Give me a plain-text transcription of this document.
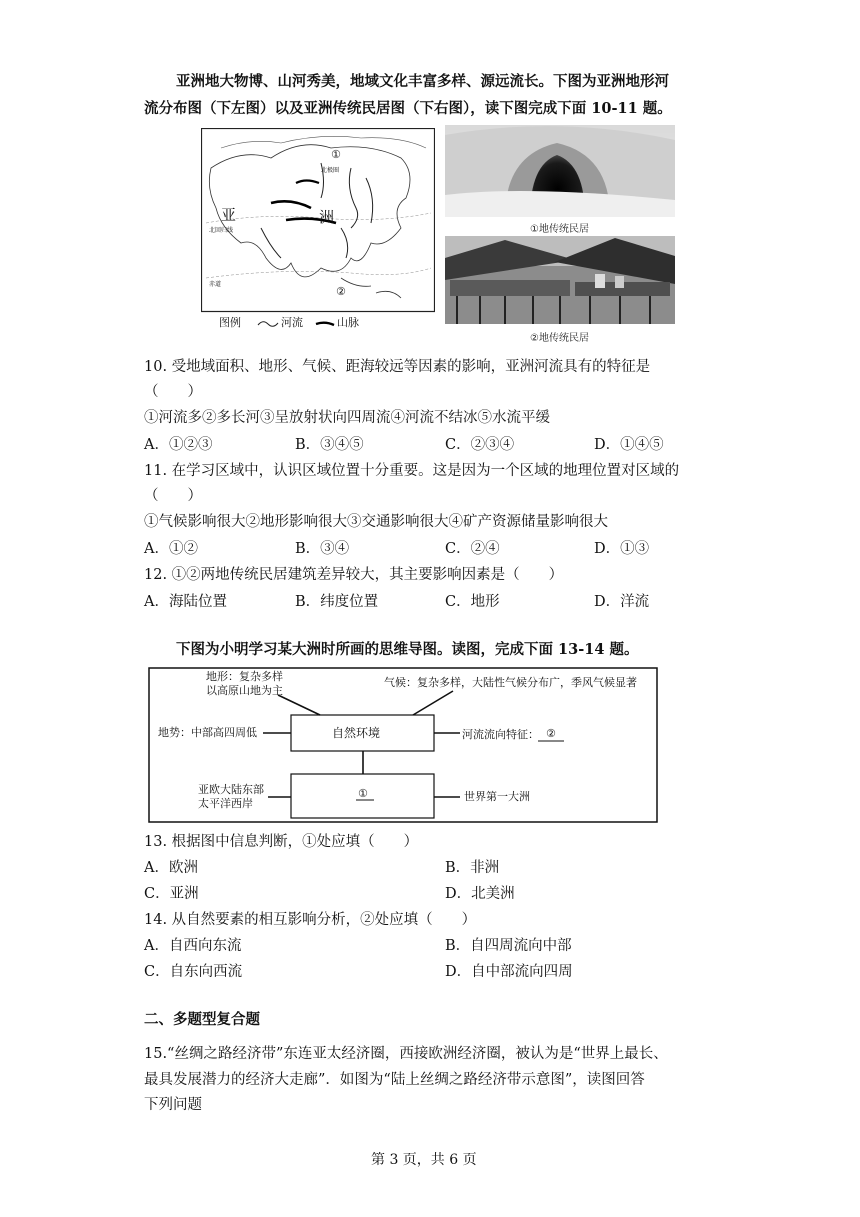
亚洲地大物博、山河秀美，地域文化丰富多样、源远流长。下图为亚洲地形河
流分布图（下左图）以及亚洲传统民居图（下右图），读下图完成下面 10-11 题。
①
北极圈
北回归线
赤道
亚	洲
②
图例	河流	山脉
①地传统民居
②地传统民居
10. 受地域面积、地形、气候、距海较远等因素的影响，亚洲河流具有的特征是
（　　）
①河流多②多长河③呈放射状向四周流④河流不结冰⑤水流平缓
A．①②③	B．③④⑤	C．②③④	D．①④⑤
11. 在学习区域中，认识区域位置十分重要。这是因为一个区域的地理位置对区域的
（　　）
①气候影响很大②地形影响很大③交通影响很大④矿产资源储量影响很大
A．①②	B．③④	C．②④	D．①③
12. ①②两地传统民居建筑差异较大，其主要影响因素是（　　）
A．海陆位置	B．纬度位置	C．地形	D．洋流
下图为小明学习某大洲时所画的思维导图。读图，完成下面 13-14 题。
地形：复杂多样
以高原山地为主
气候：复杂多样，大陆性气候分布广，季风气候显著
地势：中部高四周低	自然环境	河流流向特征： ②
亚欧大陆东部
太平洋西岸
①	世界第一大洲
13. 根据图中信息判断，①处应填（　　）
A．欧洲	B．非洲
C．亚洲	D．北美洲
14. 从自然要素的相互影响分析，②处应填（　　）
A．自西向东流	B．自四周流向中部
C．自东向西流	D．自中部流向四周
二、多题型复合题
15.“丝绸之路经济带”东连亚太经济圈，西接欧洲经济圈，被认为是“世界上最长、
最具发展潜力的经济大走廊”．如图为“陆上丝绸之路经济带示意图”，读图回答
下列问题
第 3 页，共 6 页
